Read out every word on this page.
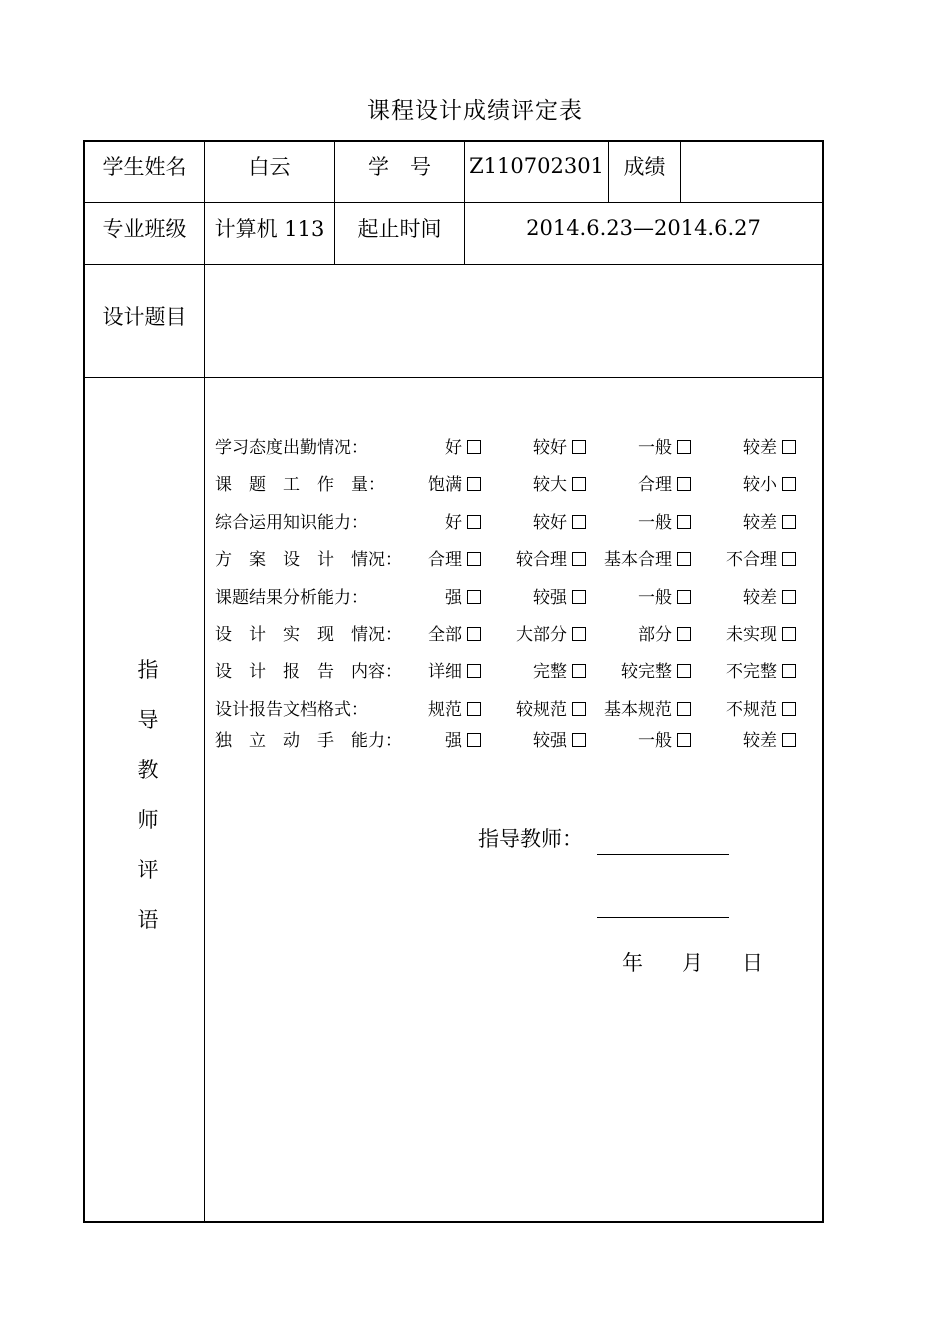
课程设计成绩评定表
学生姓名	白云	学　号	Z110702301 成绩
专业班级	计算机 113	起止时间	2014.6.23—2014.6.27
设计题目
指
导
教
师
评
语
学习态度出勤情况：	好	较好	一般	较差
课　题　工　作　量：	饱满	较大	合理	较小
综合运用知识能力：	好	较好	一般	较差
方　案　设　计　情况： 合理	较合理	基本合理	不合理
课题结果分析能力：	强	较强	一般	较差
设　计　实　现　情况： 全部	大部分	部分	未实现
设　计　报　告　内容： 详细	完整	较完整	不完整
设计报告文档格式：	规范	较规范	基本规范	不规范
独　立　动　手　能力：	强	较强	一般	较差
指导教师：
年 月 日
